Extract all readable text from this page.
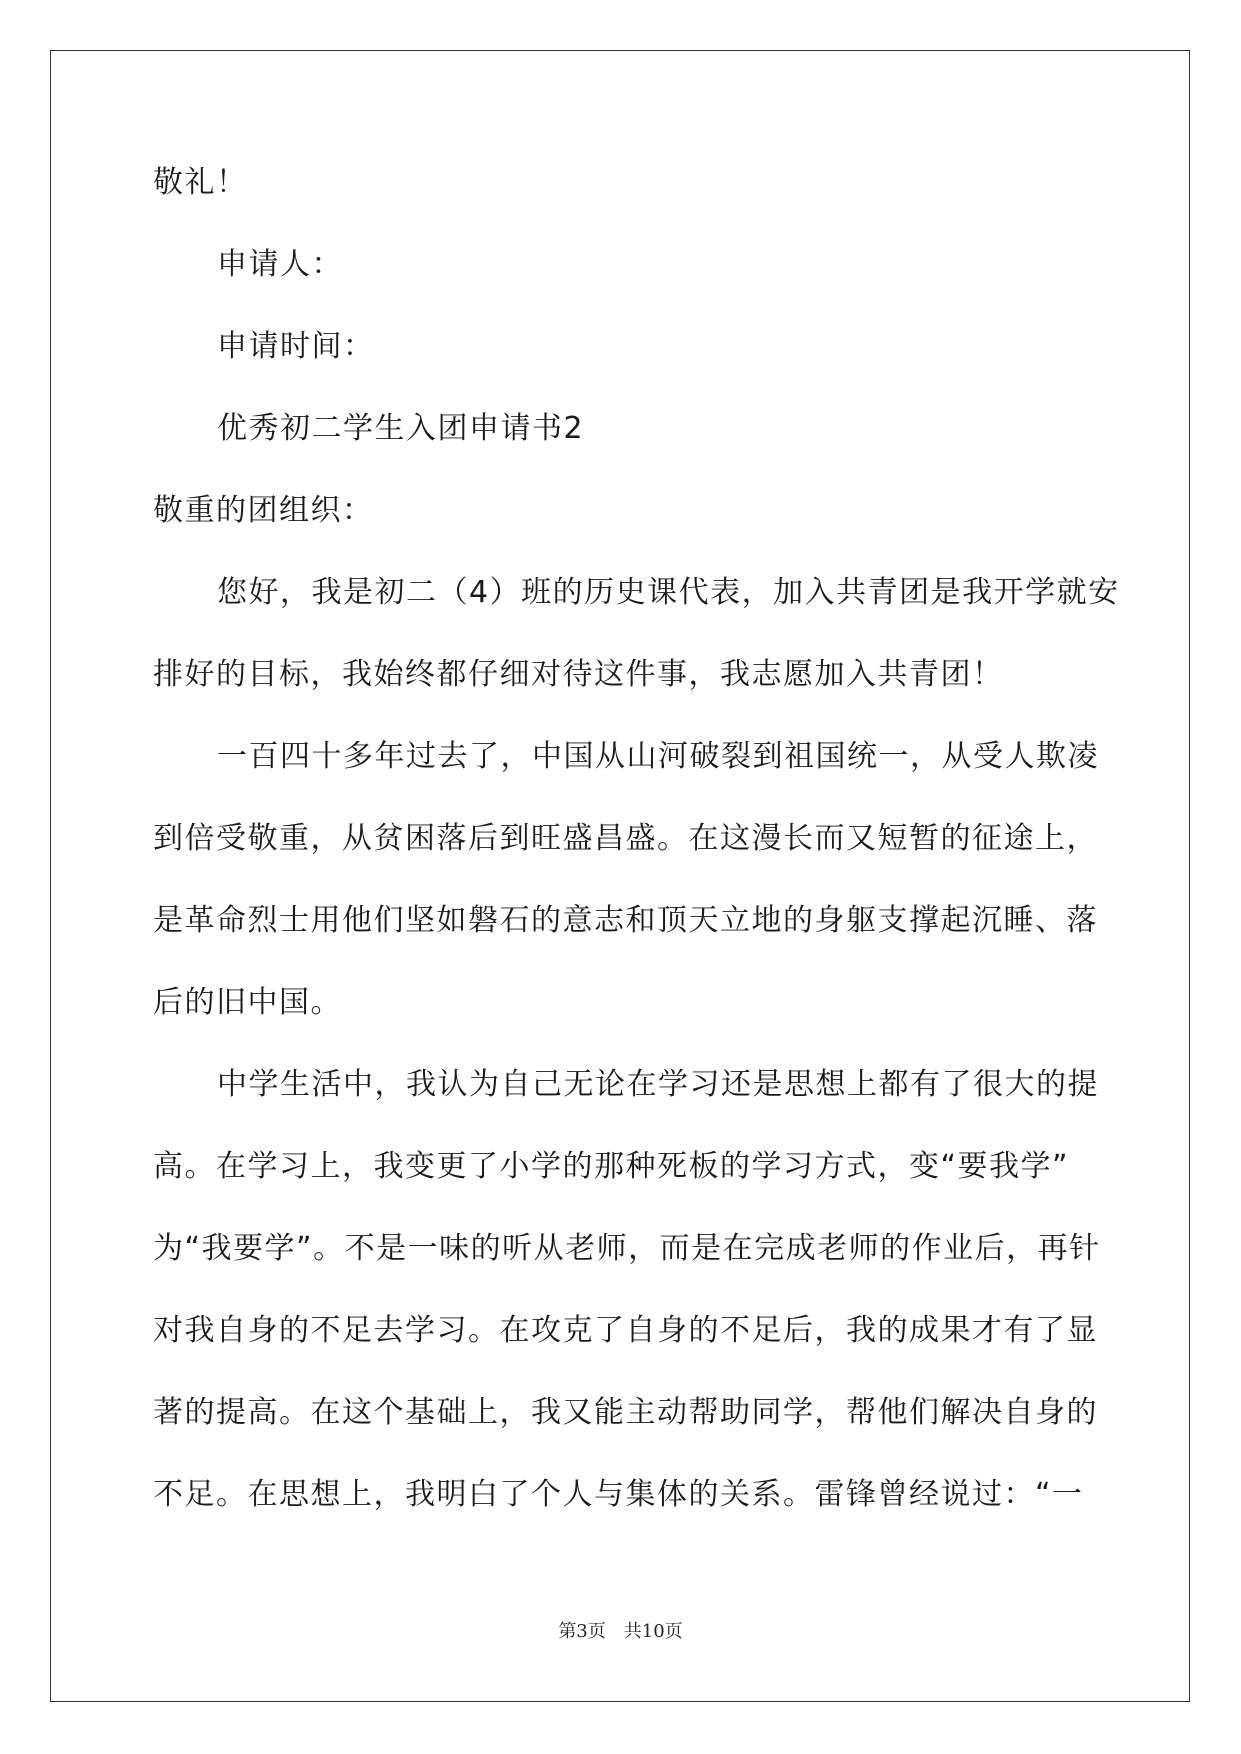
敬礼！
申请人：
申请时间：
优秀初二学生入团申请书2
敬重的团组织：
您好，我是初二（4）班的历史课代表，加入共青团是我开学就安
排好的目标，我始终都仔细对待这件事，我志愿加入共青团！
一百四十多年过去了，中国从山河破裂到祖国统一，从受人欺凌
到倍受敬重，从贫困落后到旺盛昌盛。在这漫长而又短暂的征途上，
是革命烈士用他们坚如磐石的意志和顶天立地的身躯支撑起沉睡、落
后的旧中国。
中学生活中，我认为自己无论在学习还是思想上都有了很大的提
高。在学习上，我变更了小学的那种死板的学习方式，变“要我学”
为“我要学”。不是一味的听从老师，而是在完成老师的作业后，再针
对我自身的不足去学习。在攻克了自身的不足后，我的成果才有了显
著的提高。在这个基础上，我又能主动帮助同学，帮他们解决自身的
不足。在思想上，我明白了个人与集体的关系。雷锋曾经说过：“一
第3页 共10页
